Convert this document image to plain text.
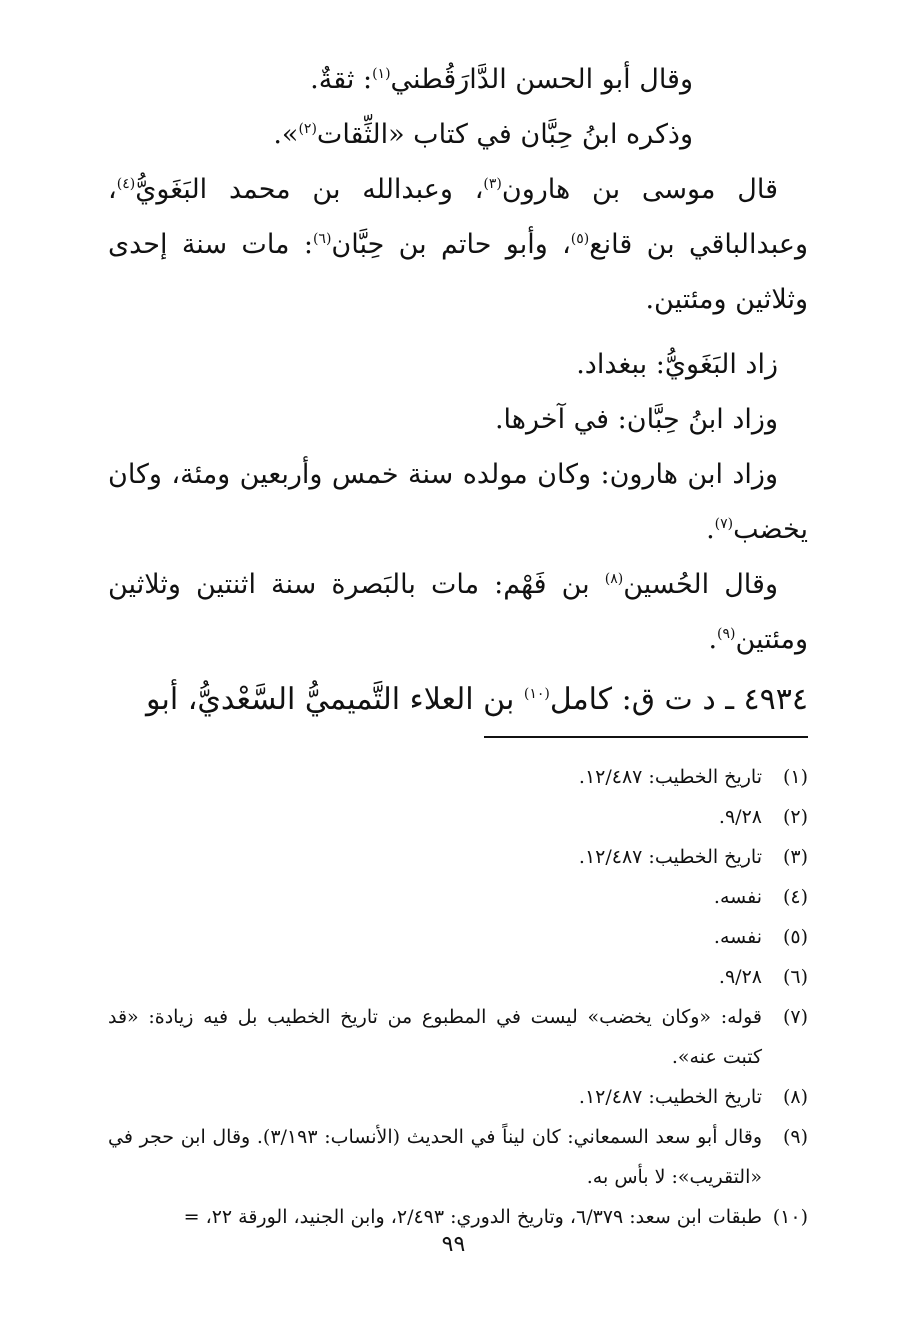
وقال أبو الحسن الدَّارَقُطني$^{(١)}$: ثقةٌ.

وذكره ابنُ حِبَّان في كتاب «الثِّقات$^{(٢)}$».

قال موسى بن هارون$^{(٣)}$، وعبدالله بن محمد البَغَويُّ$^{(٤)}$، وعبدالباقي بن قانع$^{(٥)}$، وأبو حاتم بن حِبَّان$^{(٦)}$: مات سنة إحدى وثلاثين ومئتين.

زاد البَغَويُّ: ببغداد.

وزاد ابنُ حِبَّان: في آخرها.

وزاد ابن هارون: وكان مولده سنة خمس وأربعين ومئة، وكان يخضب$^{(٧)}$.

وقال الحُسين$^{(٨)}$ بن فَهْم: مات بالبَصرة سنة اثنتين وثلاثين ومئتين$^{(٩)}$.

٤٩٣٤ ـ د ت ق: كامل$^{(١٠)}$ بن العلاء التَّميميُّ السَّعْديُّ، أبو
(١)
تاريخ الخطيب: ١٢/٤٨٧.
(٢)
٩/٢٨.
(٣)
تاريخ الخطيب: ١٢/٤٨٧.
(٤)
نفسه.
(٥)
نفسه.
(٦)
٩/٢٨.
(٧)
قوله: «وكان يخضب» ليست في المطبوع من تاريخ الخطيب بل فيه زيادة: «قد كتبت عنه».
(٨)
تاريخ الخطيب: ١٢/٤٨٧.
(٩)
وقال أبو سعد السمعاني: كان ليناً في الحديث (الأنساب: ٣/١٩٣). وقال ابن حجر في «التقريب»: لا بأس به.
(١٠)
طبقات ابن سعد: ٦/٣٧٩، وتاريخ الدوري: ٢/٤٩٣، وابن الجنيد، الورقة ٢٢، =
٩٩
